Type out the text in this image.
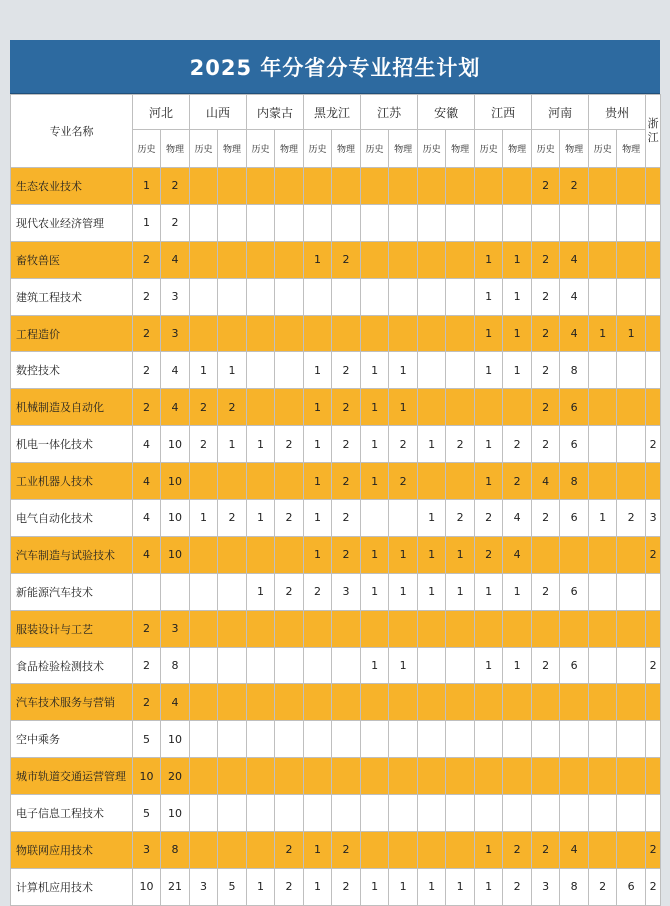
2025 年分省分专业招生计划
专业名称	河北		山西		内蒙古		黑龙江		江苏		安徽		江西		河南		贵州		浙江
	历史	物理	历史	物理	历史	物理	历史	物理	历史	物理	历史	物理	历史	物理	历史	物理	历史	物理	
生态农业技术	1	2													2	2			
现代农业经济管理	1	2																	
畜牧兽医	2	4					1	2					1	1	2	4			
建筑工程技术	2	3											1	1	2	4			
工程造价	2	3											1	1	2	4	1	1	
数控技术	2	4	1	1			1	2	1	1			1	1	2	8			
机械制造及自动化	2	4	2	2			1	2	1	1					2	6			
机电一体化技术	4	10	2	1	1	2	1	2	1	2	1	2	1	2	2	6			2
工业机器人技术	4	10					1	2	1	2			1	2	4	8			
电气自动化技术	4	10	1	2	1	2	1	2			1	2	2	4	2	6	1	2	3
汽车制造与试验技术	4	10					1	2	1	1	1	1	2	4					2
新能源汽车技术					1	2	2	3	1	1	1	1	1	1	2	6			
服装设计与工艺	2	3																	
食品检验检测技术	2	8							1	1			1	1	2	6			2
汽车技术服务与营销	2	4																	
空中乘务	5	10																	
城市轨道交通运营管理	10	20																	
电子信息工程技术	5	10																	
物联网应用技术	3	8				2	1	2					1	2	2	4			2
计算机应用技术	10	21	3	5	1	2	1	2	1	1	1	1	1	2	3	8	2	6	2
